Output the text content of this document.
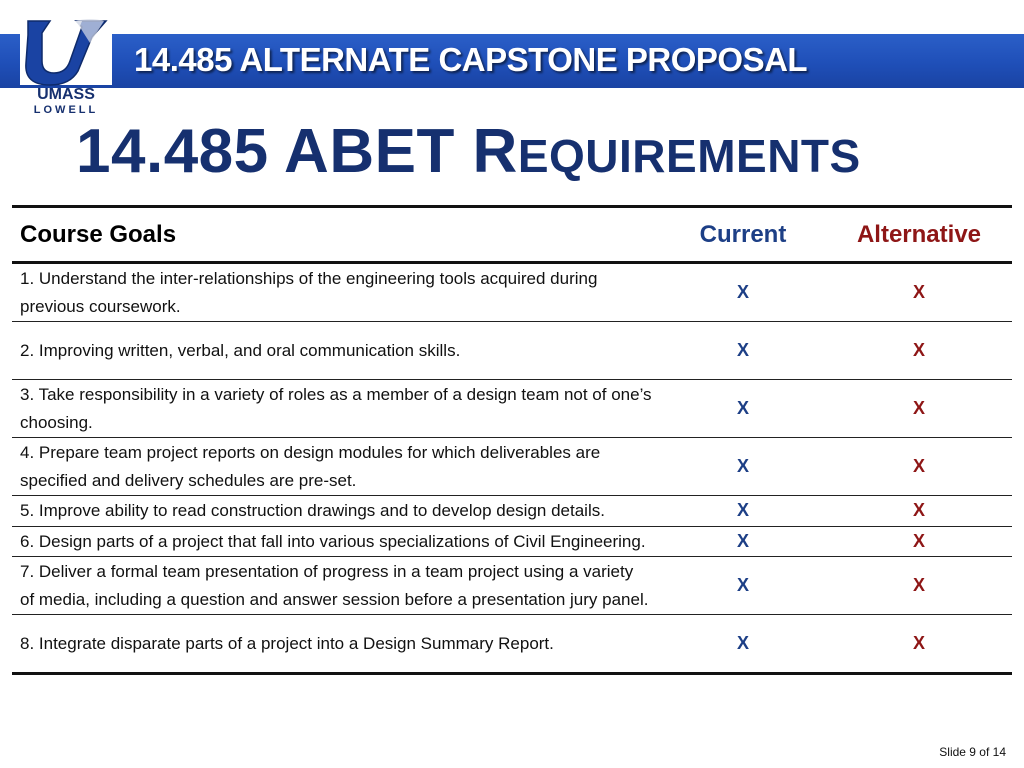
14.485 ALTERNATE CAPSTONE PROPOSAL
UMASS
LOWELL
14.485 ABET REQUIREMENTS
Course Goals	Current	Alternative
1. Understand the inter-relationships of the engineering tools acquired during previous coursework.	X	X
2. Improving written, verbal, and oral communication skills.	X	X
3. Take responsibility in a variety of roles as a member of a design team not of one’s choosing.	X	X
4. Prepare team project reports on design modules for which deliverables are specified and delivery schedules are pre-set.	X	X
5. Improve ability to read construction drawings and to develop design details.	X	X
6. Design parts of a project that fall into various specializations of Civil Engineering.	X	X
7. Deliver a formal team presentation of progress in a team project using a variety of media, including a question and answer session before a presentation jury panel.	X	X
8. Integrate disparate parts of a project into a Design Summary Report.	X	X
Slide 9 of 14
